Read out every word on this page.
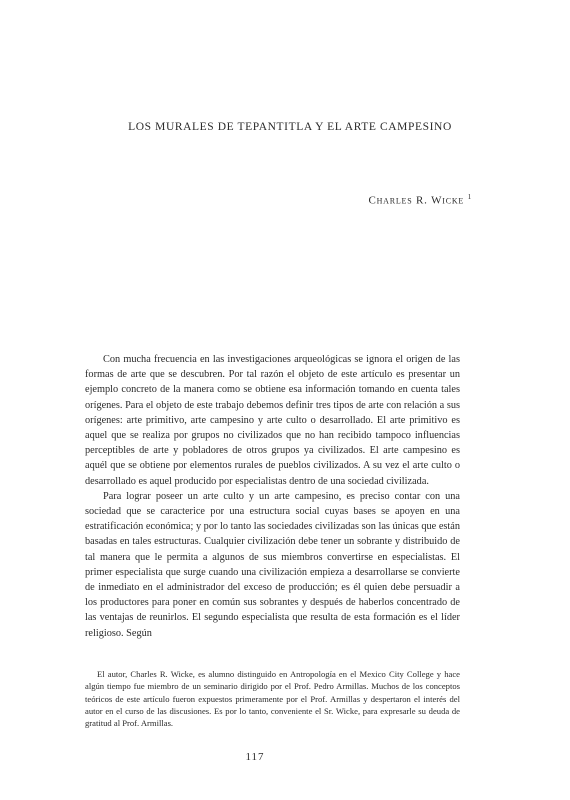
LOS MURALES DE TEPANTITLA Y EL ARTE CAMPESINO
Charles R. Wicke $^1$

Con mucha frecuencia en las investigaciones arqueológicas se ignora el origen de las formas de arte que se descubren. Por tal razón el objeto de este artículo es presentar un ejemplo concreto de la manera como se obtiene esa información tomando en cuenta tales orígenes. Para el objeto de este trabajo debemos definir tres tipos de arte con relación a sus orígenes: arte primitivo, arte campesino y arte culto o desarrollado. El arte primitivo es aquel que se realiza por grupos no civilizados que no han recibido tampoco influencias perceptibles de arte y pobladores de otros grupos ya civilizados. El arte campesino es aquél que se obtiene por elementos rurales de pueblos civilizados. A su vez el arte culto o desarrollado es aquel producido por especialistas dentro de una sociedad civilizada.

Para lograr poseer un arte culto y un arte campesino, es preciso contar con una sociedad que se caracterice por una estructura social cuyas bases se apoyen en una estratificación económica; y por lo tanto las sociedades civilizadas son las únicas que están basadas en tales estructuras. Cualquier civilización debe tener un sobrante y distribuido de tal manera que le permita a algunos de sus miembros convertirse en especialistas. El primer especialista que surge cuando una civilización empieza a desarrollarse se convierte de inmediato en el administrador del exceso de producción; es él quien debe persuadir a los productores para poner en común sus sobrantes y después de haberlos concentrado de las ventajas de reunirlos. El segundo especialista que resulta de esta formación es el líder religioso. Según

El autor, Charles R. Wicke, es alumno distinguido en Antropología en el Mexico City College y hace algún tiempo fue miembro de un seminario dirigido por el Prof. Pedro Armillas. Muchos de los conceptos teóricos de este artículo fueron expuestos primeramente por el Prof. Armillas y despertaron el interés del autor en el curso de las discusiones. Es por lo tanto, conveniente el Sr. Wicke, para expresarle su deuda de gratitud al Prof. Armillas.

117
